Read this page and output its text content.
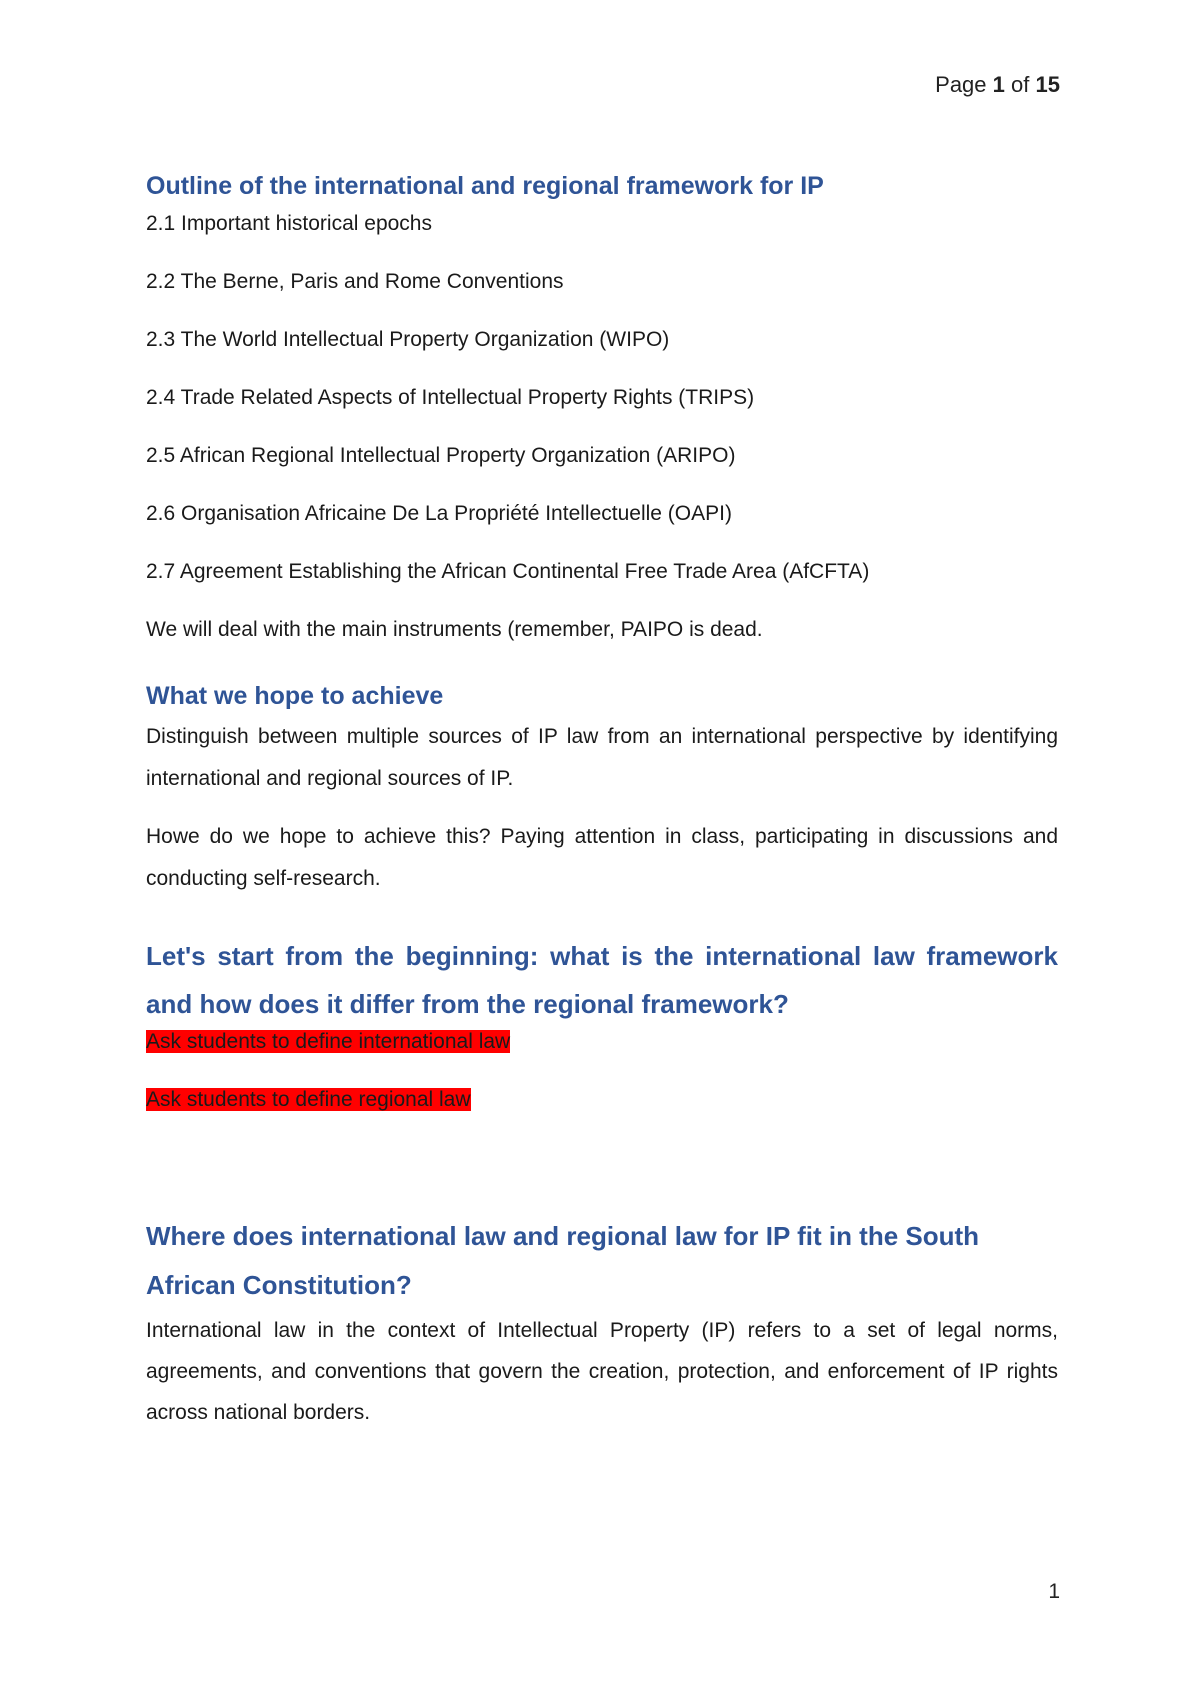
Page 1 of 15
Outline of the international and regional framework for IP

2.1 Important historical epochs

2.2 The Berne, Paris and Rome Conventions

2.3 The World Intellectual Property Organization (WIPO)

2.4 Trade Related Aspects of Intellectual Property Rights (TRIPS)

2.5 African Regional Intellectual Property Organization (ARIPO)

2.6 Organisation Africaine De La Propriété Intellectuelle (OAPI)

2.7 Agreement Establishing the African Continental Free Trade Area (AfCFTA)

We will deal with the main instruments (remember, PAIPO is dead.

What we hope to achieve

Distinguish between multiple sources of IP law from an international perspective by identifying international and regional sources of IP.

Howe do we hope to achieve this? Paying attention in class, participating in discussions and conducting self-research.

Let's start from the beginning: what is the international law framework and how does it differ from the regional framework?

Ask students to define international law

Ask students to define regional law

Where does international law and regional law for IP fit in the South African Constitution?

International law in the context of Intellectual Property (IP) refers to a set of legal norms, agreements, and conventions that govern the creation, protection, and enforcement of IP rights across national borders.

1
